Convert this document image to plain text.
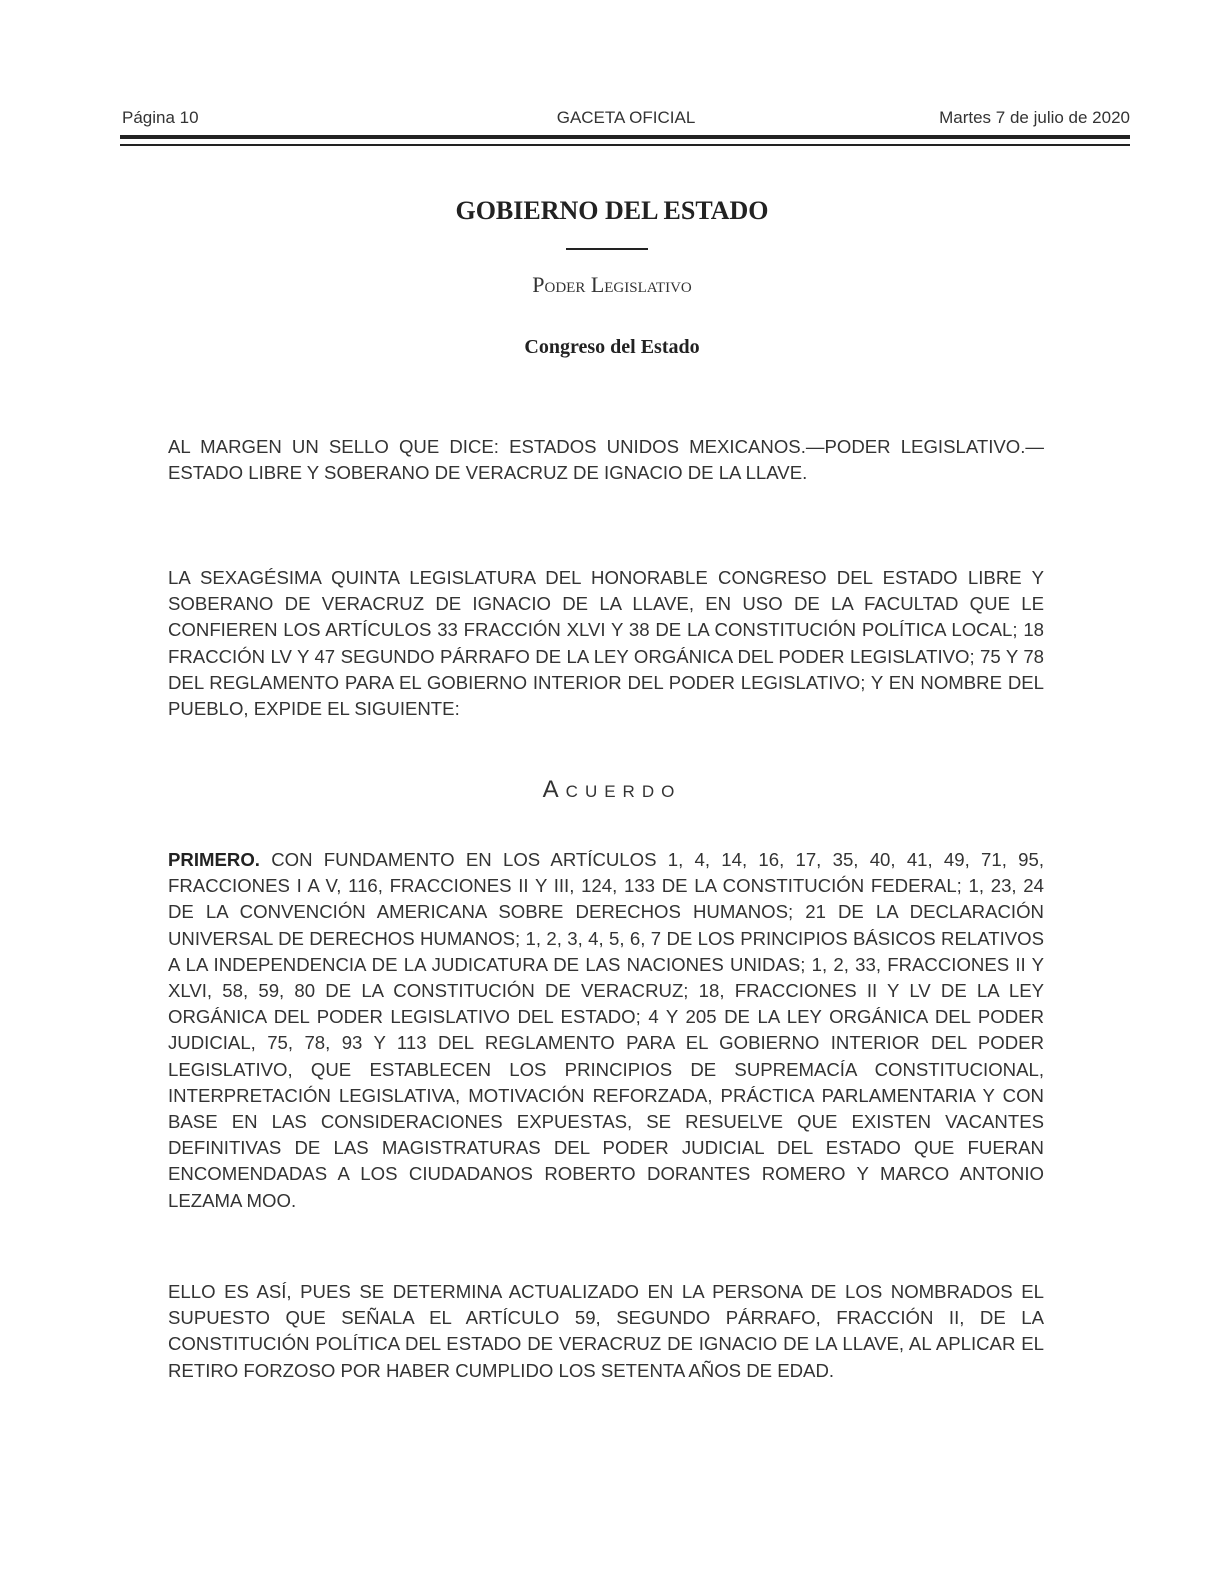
Página 10	GACETA OFICIAL	Martes 7 de julio de 2020
GOBIERNO DEL ESTADO
Poder Legislativo
Congreso del Estado
AL MARGEN UN SELLO QUE DICE: ESTADOS UNIDOS MEXICANOS.—PODER LEGISLATIVO.—ESTADO LIBRE Y SOBERANO DE VERACRUZ DE IGNACIO DE LA LLAVE.
LA SEXAGÉSIMA QUINTA LEGISLATURA DEL HONORABLE CONGRESO DEL ESTADO LIBRE Y SOBERANO DE VERACRUZ DE IGNACIO DE LA LLAVE, EN USO DE LA FACULTAD QUE LE CONFIEREN LOS ARTÍCULOS 33 FRACCIÓN XLVI Y 38 DE LA CONSTITUCIÓN POLÍTICA LOCAL; 18 FRACCIÓN LV Y 47 SEGUNDO PÁRRAFO DE LA LEY ORGÁNICA DEL PODER LEGISLATIVO; 75 Y 78 DEL REGLAMENTO PARA EL GOBIERNO INTERIOR DEL PODER LEGISLATIVO; Y EN NOMBRE DEL PUEBLO, EXPIDE EL SIGUIENTE:
Acuerdo
PRIMERO. CON FUNDAMENTO EN LOS ARTÍCULOS 1, 4, 14, 16, 17, 35, 40, 41, 49, 71, 95, FRACCIONES I A V, 116, FRACCIONES II Y III, 124, 133 DE LA CONSTITUCIÓN FEDERAL; 1, 23, 24 DE LA CONVENCIÓN AMERICANA SOBRE DERECHOS HUMANOS; 21 DE LA DECLARACIÓN UNIVERSAL DE DERECHOS HUMANOS; 1, 2, 3, 4, 5, 6, 7 DE LOS PRINCIPIOS BÁSICOS RELATIVOS A LA INDEPENDENCIA DE LA JUDICATURA DE LAS NACIONES UNIDAS; 1, 2, 33, FRACCIONES II Y XLVI, 58, 59, 80 DE LA CONSTITUCIÓN DE VERACRUZ; 18, FRACCIONES II Y LV DE LA LEY ORGÁNICA DEL PODER LEGISLATIVO DEL ESTADO; 4 Y 205 DE LA LEY ORGÁNICA DEL PODER JUDICIAL, 75, 78, 93 Y 113 DEL REGLAMENTO PARA EL GOBIERNO INTERIOR DEL PODER LEGISLATIVO, QUE ESTABLECEN LOS PRINCIPIOS DE SUPREMACÍA CONSTITUCIONAL, INTERPRETACIÓN LEGISLATIVA, MOTIVACIÓN REFORZADA, PRÁCTICA PARLAMENTARIA Y CON BASE EN LAS CONSIDERACIONES EXPUESTAS, SE RESUELVE QUE EXISTEN VACANTES DEFINITIVAS DE LAS MAGISTRATURAS DEL PODER JUDICIAL DEL ESTADO QUE FUERAN ENCOMENDADAS A LOS CIUDADANOS ROBERTO DORANTES ROMERO Y MARCO ANTONIO LEZAMA MOO.
ELLO ES ASÍ, PUES SE DETERMINA ACTUALIZADO EN LA PERSONA DE LOS NOMBRADOS EL SUPUESTO QUE SEÑALA EL ARTÍCULO 59, SEGUNDO PÁRRAFO, FRACCIÓN II, DE LA CONSTITUCIÓN POLÍTICA DEL ESTADO DE VERACRUZ DE IGNACIO DE LA LLAVE, AL APLICAR EL RETIRO FORZOSO POR HABER CUMPLIDO LOS SETENTA AÑOS DE EDAD.
